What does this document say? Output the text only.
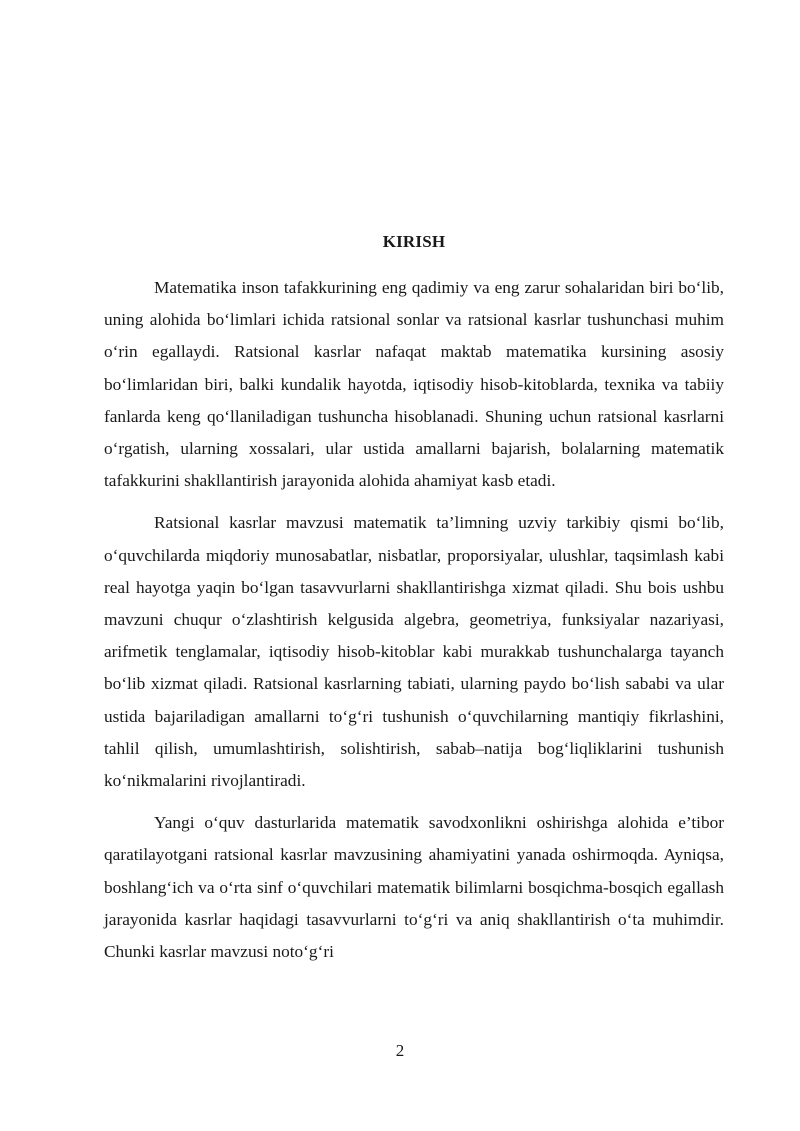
KIRISH

Matematika inson tafakkurining eng qadimiy va eng zarur sohalaridan biri bo‘lib, uning alohida bo‘limlari ichida ratsional sonlar va ratsional kasrlar tushunchasi muhim o‘rin egallaydi. Ratsional kasrlar nafaqat maktab matematika kursining asosiy bo‘limlaridan biri, balki kundalik hayotda, iqtisodiy hisob-kitoblarda, texnika va tabiiy fanlarda keng qo‘llaniladigan tushuncha hisoblanadi. Shuning uchun ratsional kasrlarni o‘rgatish, ularning xossalari, ular ustida amallarni bajarish, bolalarning matematik tafakkurini shakllantirish jarayonida alohida ahamiyat kasb etadi.

Ratsional kasrlar mavzusi matematik ta’limning uzviy tarkibiy qismi bo‘lib, o‘quvchilarda miqdoriy munosabatlar, nisbatlar, proporsiyalar, ulushlar, taqsimlash kabi real hayotga yaqin bo‘lgan tasavvurlarni shakllantirishga xizmat qiladi. Shu bois ushbu mavzuni chuqur o‘zlashtirish kelgusida algebra, geometriya, funksiyalar nazariyasi, arifmetik tenglamalar, iqtisodiy hisob-kitoblar kabi murakkab tushunchalarga tayanch bo‘lib xizmat qiladi. Ratsional kasrlarning tabiati, ularning paydo bo‘lish sababi va ular ustida bajariladigan amallarni to‘g‘ri tushunish o‘quvchilarning mantiqiy fikrlashini, tahlil qilish, umumlashtirish, solishtirish, sabab–natija bog‘liqliklarini tushunish ko‘nikmalarini rivojlantiradi.

Yangi o‘quv dasturlarida matematik savodxonlikni oshirishga alohida e’tibor qaratilayotgani ratsional kasrlar mavzusining ahamiyatini yanada oshirmoqda. Ayniqsa, boshlang‘ich va o‘rta sinf o‘quvchilari matematik bilimlarni bosqichma-bosqich egallash jarayonida kasrlar haqidagi tasavvurlarni to‘g‘ri va aniq shakllantirish o‘ta muhimdir. Chunki kasrlar mavzusi noto‘g‘ri

2
